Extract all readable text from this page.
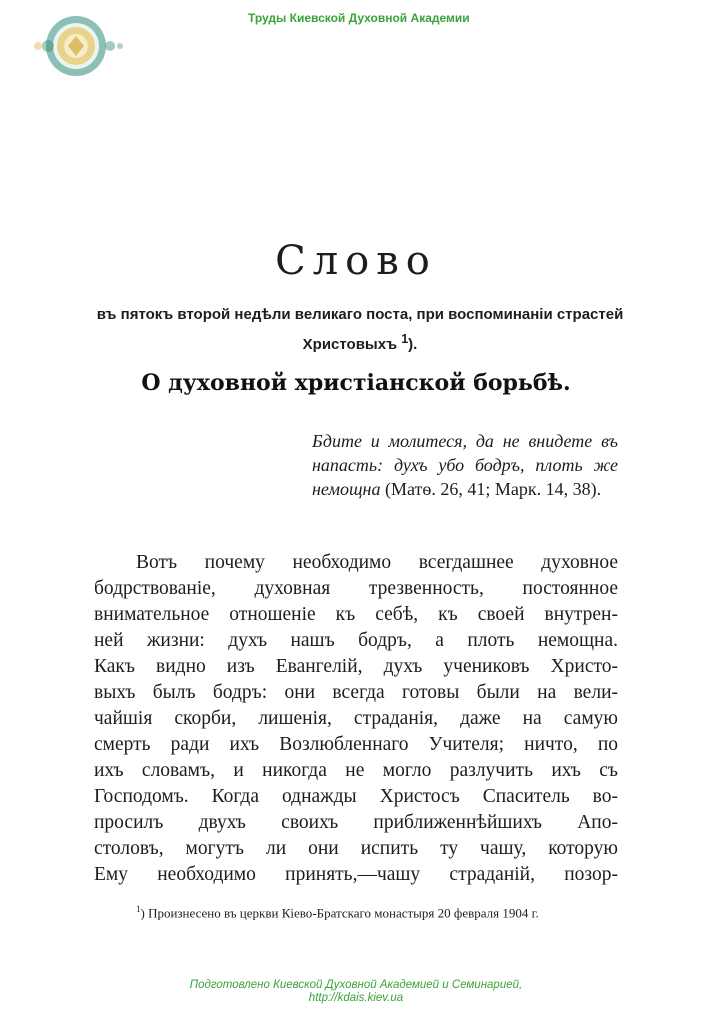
Труды Киевской Духовной Академии
Слово
въ пятокъ второй недѣли великаго поста, при воспоминаніи страстей Христовыхъ $^1$).
О духовной христіанской борьбѣ.
Бдите и молитеся, да не внидете въ напасть: духъ убо бодръ, плоть же немощна (Матѳ. 26, 41; Марк. 14, 38).
Вотъ почему необходимо всегдашнее духовное
бодрствованіе, духовная трезвенность, постоянное
внимательное отношеніе къ себѣ, къ своей внутрен-
ней жизни: духъ нашъ бодръ, а плоть немощна.
Какъ видно изъ Евангелій, духъ учениковъ Христо-
выхъ былъ бодръ: они всегда готовы были на вели-
чайшія скорби, лишенія, страданія, даже на самую
смерть ради ихъ Возлюбленнаго Учителя; ничто, по
ихъ словамъ, и никогда не могло разлучить ихъ съ
Господомъ. Когда однажды Христосъ Спаситель во-
просилъ двухъ своихъ приближеннѣйшихъ Апо-
столовъ, могутъ ли они испить ту чашу, которую
Ему необходимо принять,—чашу страданій, позор-
$^1$) Произнесено въ церкви Кіево-Братскаго монастыря 20 февраля 1904 г.
Подготовлено Киевской Духовной Академией и Семинарией,
http://kdais.kiev.ua
